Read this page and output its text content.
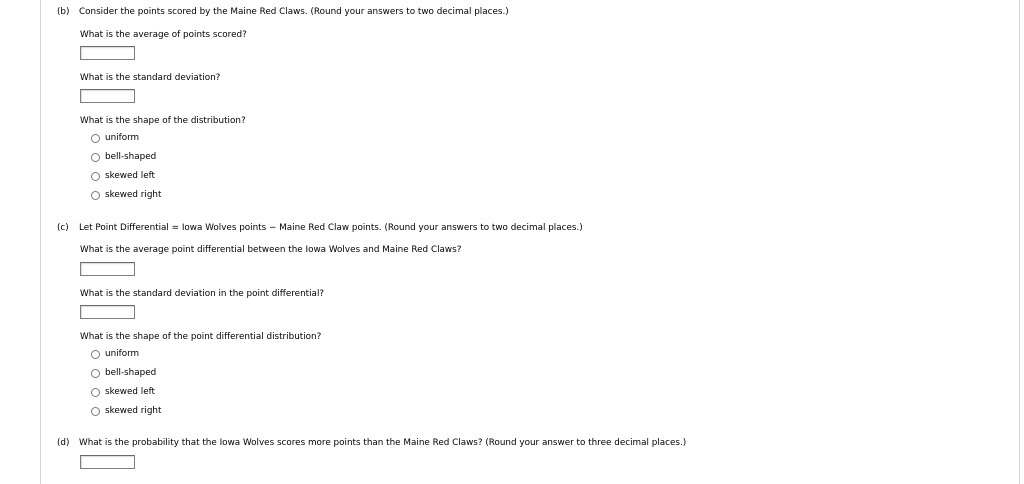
(b) Consider the points scored by the Maine Red Claws. (Round your answers to two decimal places.)
What is the average of points scored?
What is the standard deviation?
What is the shape of the distribution?
uniform
bell-shaped
skewed left
skewed right
(c) Let Point Differential = Iowa Wolves points − Maine Red Claw points. (Round your answers to two decimal places.)
What is the average point differential between the Iowa Wolves and Maine Red Claws?
What is the standard deviation in the point differential?
What is the shape of the point differential distribution?
uniform
bell-shaped
skewed left
skewed right
(d) What is the probability that the Iowa Wolves scores more points than the Maine Red Claws? (Round your answer to three decimal places.)
